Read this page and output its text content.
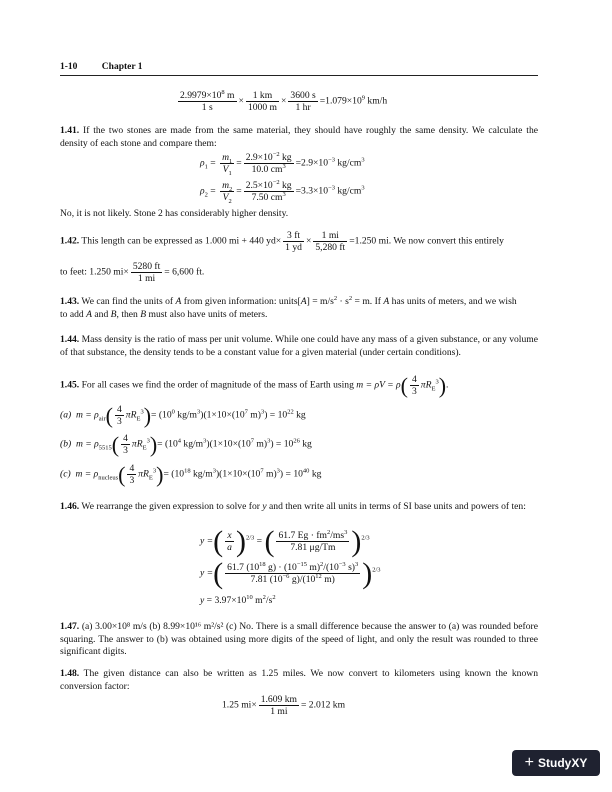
1-10	Chapter 1
$\frac{2.9979\times 10^8 m}{1 s} \times \frac{1 km}{1000 m} \times \frac{3600 s}{1 hr} =1.079\times 10^9$ km/h
1.41. If the two stones are made from the same material, they should have roughly the same density. We calculate the density of each stone and compare them:
$\rho_1 = \frac{m_1}{V_1} = \frac{2.9\times 10^{-2} kg}{10.0 cm^3} =2.9\times 10^{-3}$ $kg/cm^3$
$\rho_2 = \frac{m_2}{V_2} = \frac{2.5\times 10^{-2} kg}{7.50 cm^3} =3.3\times 10^{-3}$ $kg/cm^3$
No, it is not likely. Stone 2 has considerably higher density.
1.42. This length can be expressed as 1.000 mi + 440 $yd\times \frac{3 ft}{1 yd} \times \frac{1 mi}{5,280 ft} =1.250$ mi. We now convert this entirely
to feet: 1.250 $mi\times \frac{5280 ft}{1 mi} = 6,600$ ft.
1.43. We can find the units of A from given information: units[A] = $m/s^2 \cdot s^2 = m$. If A has units of meters, and we wish
to add A and B, then B must also have units of meters.
1.44. Mass density is the ratio of mass per unit volume. While one could have any mass of a given substance, or any volume of that substance, the density tends to be a constant value for a given material (under certain conditions).
1.45. For all cases we find the order of magnitude of the mass of Earth using $m = \rho V = \rho( \frac{4}{3} \pi R_E^3)$.
(a) $m = \rho_{air}( \frac{4}{3} \pi R_E^3)= (10^0$ $kg/m^3)(1\times 10\times(10^7$ $m)^3) = 10^{22}$ kg
(b) $m = \rho_{5515}( \frac{4}{3} \pi R_E^3)= (10^4$ $kg/m^3)(1\times 10\times(10^7$ $m)^3) = 10^{26}$ kg
(c) $m = \rho_{nucleus}( \frac{4}{3} \pi R_E^3)= (10^{18}$ $kg/m^3)(1\times 10\times(10^7$ $m)^3) = 10^{40}$ kg
1.46. We rearrange the given expression to solve for y and then write all units in terms of SI base units and powers of ten:
y =( $\frac{x}{a} )^{2/3}$ = ( $\frac{61.7 Eg \cdot fm^2/ms^3}{7.81 \mu g/Tm} )^{2/3}$
y =( $\frac{61.7 (10^{18} g) \cdot (10^{-15} m)^2/(10^{-3} s)^3}{7.81 (10^{-6} g)/(10^{12} m)} )^{2/3}$
$y = 3.97\times 10^{10}$ $m^2/s^2$
1.47. (a) 3.00×10⁸ m/s (b) 8.99×10¹⁶ m²/s² (c) No. There is a small difference because the answer to (a) was rounded before squaring. The answer to (b) was obtained using more digits of the speed of light, and only the result was rounded to three significant digits.
1.48. The given distance can also be written as 1.25 miles. We now convert to kilometers using known the known conversion factor:
1.25 $mi\times \frac{1.609 km}{1 mi} = 2.012$ km
+ StudyXY
